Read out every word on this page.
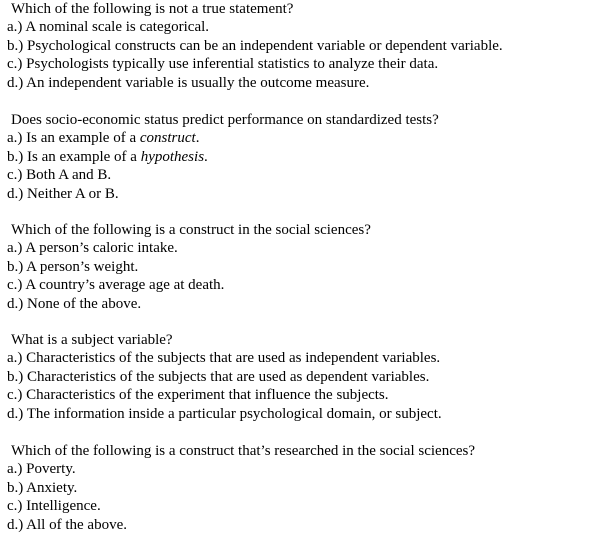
Which of the following is not a true statement?
a.) A nominal scale is categorical.
b.) Psychological constructs can be an independent variable or dependent variable.
c.) Psychologists typically use inferential statistics to analyze their data.
d.) An independent variable is usually the outcome measure.
Does socio-economic status predict performance on standardized tests?
a.) Is an example of a construct.
b.) Is an example of a hypothesis.
c.) Both A and B.
d.) Neither A or B.
Which of the following is a construct in the social sciences?
a.) A person’s caloric intake.
b.) A person’s weight.
c.) A country’s average age at death.
d.) None of the above.
What is a subject variable?
a.) Characteristics of the subjects that are used as independent variables.
b.) Characteristics of the subjects that are used as dependent variables.
c.) Characteristics of the experiment that influence the subjects.
d.) The information inside a particular psychological domain, or subject.
Which of the following is a construct that’s researched in the social sciences?
a.) Poverty.
b.) Anxiety.
c.) Intelligence.
d.) All of the above.
